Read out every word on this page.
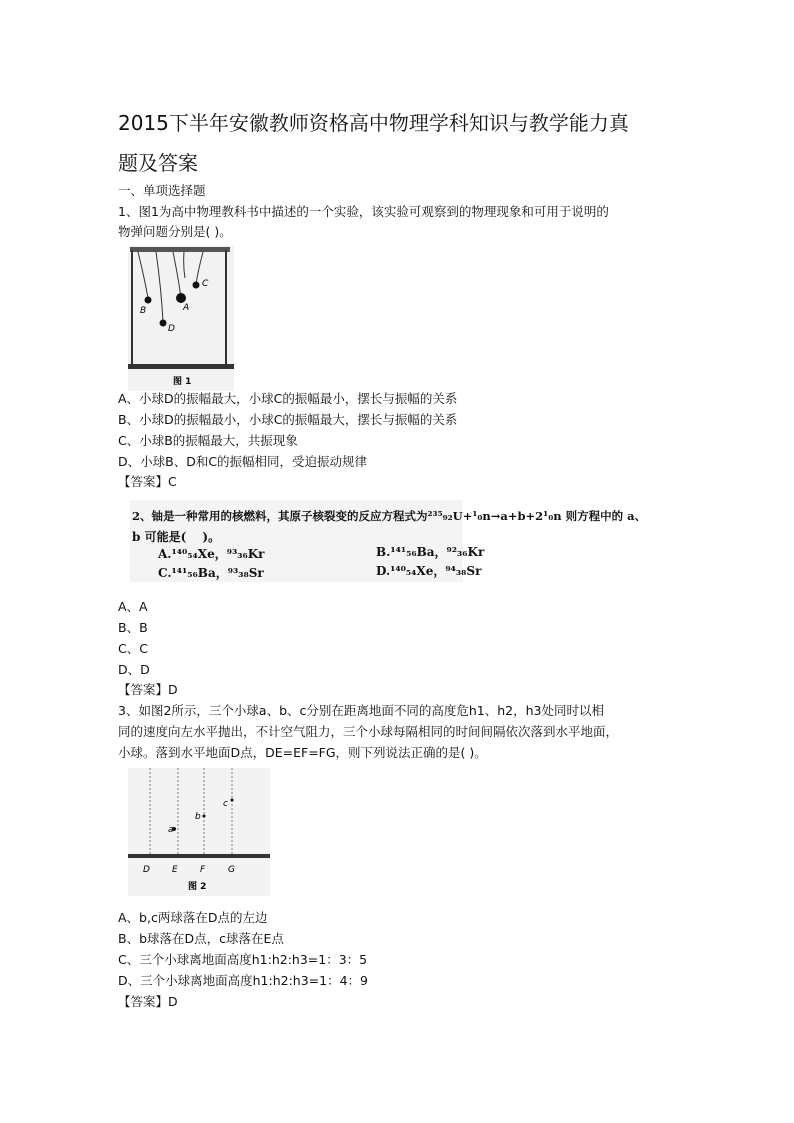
2015下半年安徽教师资格高中物理学科知识与教学能力真
题及答案
一、单项选择题
1、图1为高中物理教科书中描述的一个实验，该实验可观察到的物理现象和可用于说明的
物弹问题分别是( )。
A
B
C
D
图 1
A、小球D的振幅最大，小球C的振幅最小，摆长与振幅的关系
B、小球D的振幅最小，小球C的振幅最大，摆长与振幅的关系
C、小球B的振幅最大，共振现象
D、小球B、D和C的振幅相同，受迫振动规律
【答案】C
2、铀是一种常用的核燃料，其原子核裂变的反应方程式为²³⁵₉₂U+¹₀n→a+b+2¹₀n 则方程中的 a、
b 可能是(　 )。
A.¹⁴⁰₅₄Xe，⁹³₃₆Kr	B.¹⁴¹₅₆Ba，⁹²₃₆Kr
C.¹⁴¹₅₆Ba，⁹³₃₈Sr	D.¹⁴⁰₅₄Xe，⁹⁴₃₈Sr
A、A
B、B
C、C
D、D
【答案】D
3、如图2所示，三个小球a、b、c分别在距离地面不同的高度危h1、h2，h3处同时以相
同的速度向左水平抛出，不计空气阻力，三个小球每隔相同的时间间隔依次落到水平地面，
小球。落到水平地面D点，DE=EF=FG，则下列说法正确的是( )。
a
b
c
D E F	G
图 2
A、b,c两球落在D点的左边
B、b球落在D点，c球落在E点
C、三个小球离地面高度h1:h2:h3=1：3：5
D、三个小球离地面高度h1:h2:h3=1：4：9
【答案】D
